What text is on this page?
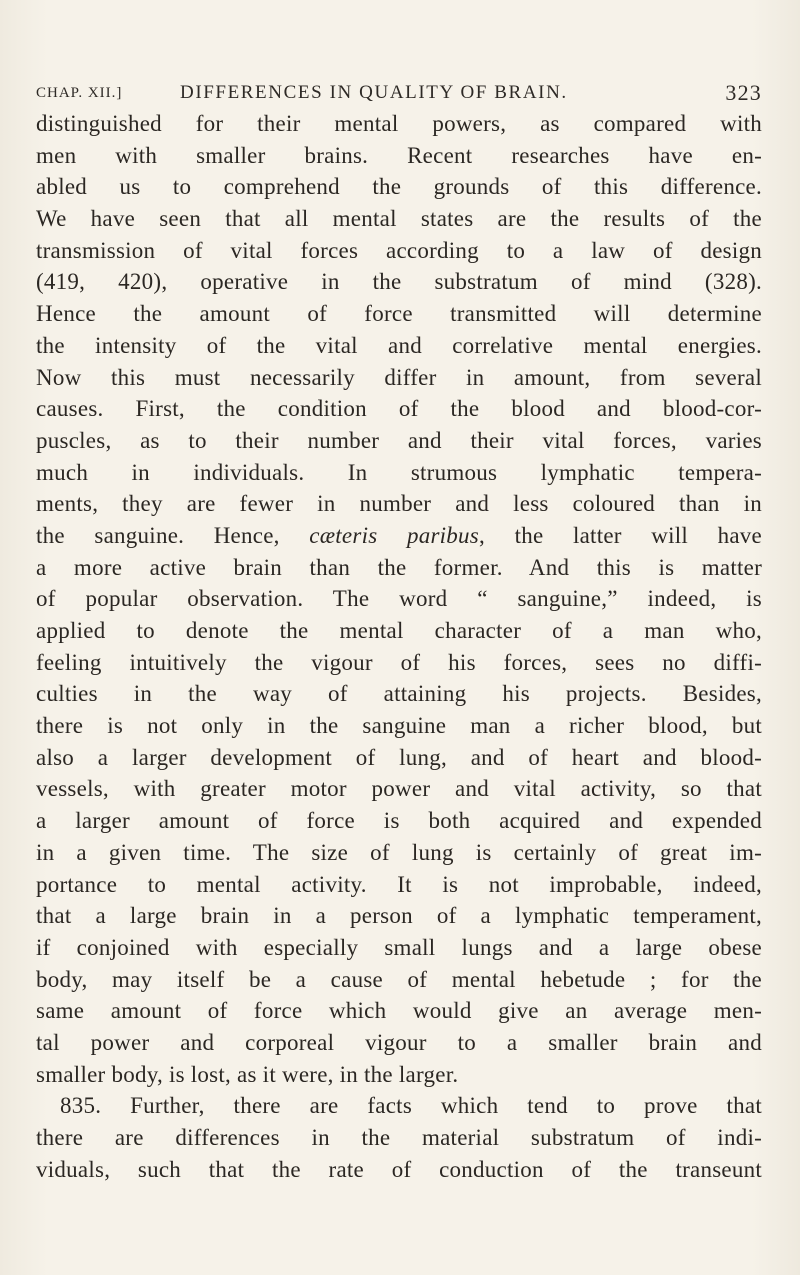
CHAP. XII.]	DIFFERENCES IN QUALITY OF BRAIN.	323
distinguished for their mental powers, as compared with
men with smaller brains. Recent researches have en-
abled us to comprehend the grounds of this difference.
We have seen that all mental states are the results of the
transmission of vital forces according to a law of design
(419, 420), operative in the substratum of mind (328).
Hence the amount of force transmitted will determine
the intensity of the vital and correlative mental energies.
Now this must necessarily differ in amount, from several
causes. First, the condition of the blood and blood-cor-
puscles, as to their number and their vital forces, varies
much in individuals. In strumous lymphatic tempera-
ments, they are fewer in number and less coloured than in
the sanguine. Hence, cæteris paribus, the latter will have
a more active brain than the former. And this is matter
of popular observation. The word “ sanguine,” indeed, is
applied to denote the mental character of a man who,
feeling intuitively the vigour of his forces, sees no diffi-
culties in the way of attaining his projects. Besides,
there is not only in the sanguine man a richer blood, but
also a larger development of lung, and of heart and blood-
vessels, with greater motor power and vital activity, so that
a larger amount of force is both acquired and expended
in a given time. The size of lung is certainly of great im-
portance to mental activity. It is not improbable, indeed,
that a large brain in a person of a lymphatic temperament,
if conjoined with especially small lungs and a large obese
body, may itself be a cause of mental hebetude ; for the
same amount of force which would give an average men-
tal power and corporeal vigour to a smaller brain and
smaller body, is lost, as it were, in the larger.
835. Further, there are facts which tend to prove that
there are differences in the material substratum of indi-
viduals, such that the rate of conduction of the transeunt
